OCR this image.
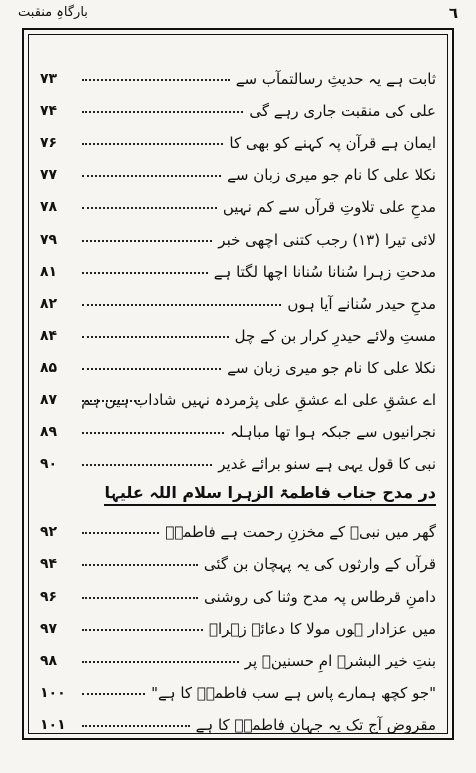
٦
بارگاہِ منقبت
۷۳	ثابت ہے یہ حدیثِ رسالتمآب سے
۷۴	علی کی منقبت جاری رہے گی
۷۶	ایمان ہے قرآن پہ کہنے کو بھی کا
۷۷	نکلا علی کا نام جو میری زبان سے
۷۸	مدحِ علی تلاوتِ قرآں سے کم نہیں
۷۹	لائی تیرا (۱۳) رجب کتنی اچھی خبر
۸۱	مدحتِ زہرا سُنانا سُنانا اچھا لگتا ہے
۸۲	مدحِ حیدر سُنانے آیا ہوں
۸۴	مستِ ولائے حیدرِ کرار بن کے چل
۸۵	نکلا علی کا نام جو میری زبان سے
۸۷	اے عشقِ علی اے عشقِ علی پژمردہ نہیں شاداب ہیں ہم
۸۹	نجرانیوں سے جبکہ ہوا تھا مباہلہ
۹۰	نبی کا قول یہی ہے سنو برائے غدیر
در مدح جناب فاطمۃ الزہرا سلام اللہ علیہا
۹۲	گھر میں نبیؐ کے مخزنِ رحمت ہے فاطمہؑ
۹۴	قرآں کے وارثوں کی یہ پہچان بن گئی
۹۶	دامنِ قرطاس پہ مدح وثنا کی روشنی
۹۷	میں عزادار ہوں مولا کا دعائے زہراؑ
۹۸	بنتِ خیر البشرؐ امِ حسنینؑ پر
۱۰۰	"جو کچھ ہمارے پاس ہے سب فاطمہؑ کا ہے"
۱۰۱	مقروض آج تک یہ جہان فاطمہؑ کا ہے
